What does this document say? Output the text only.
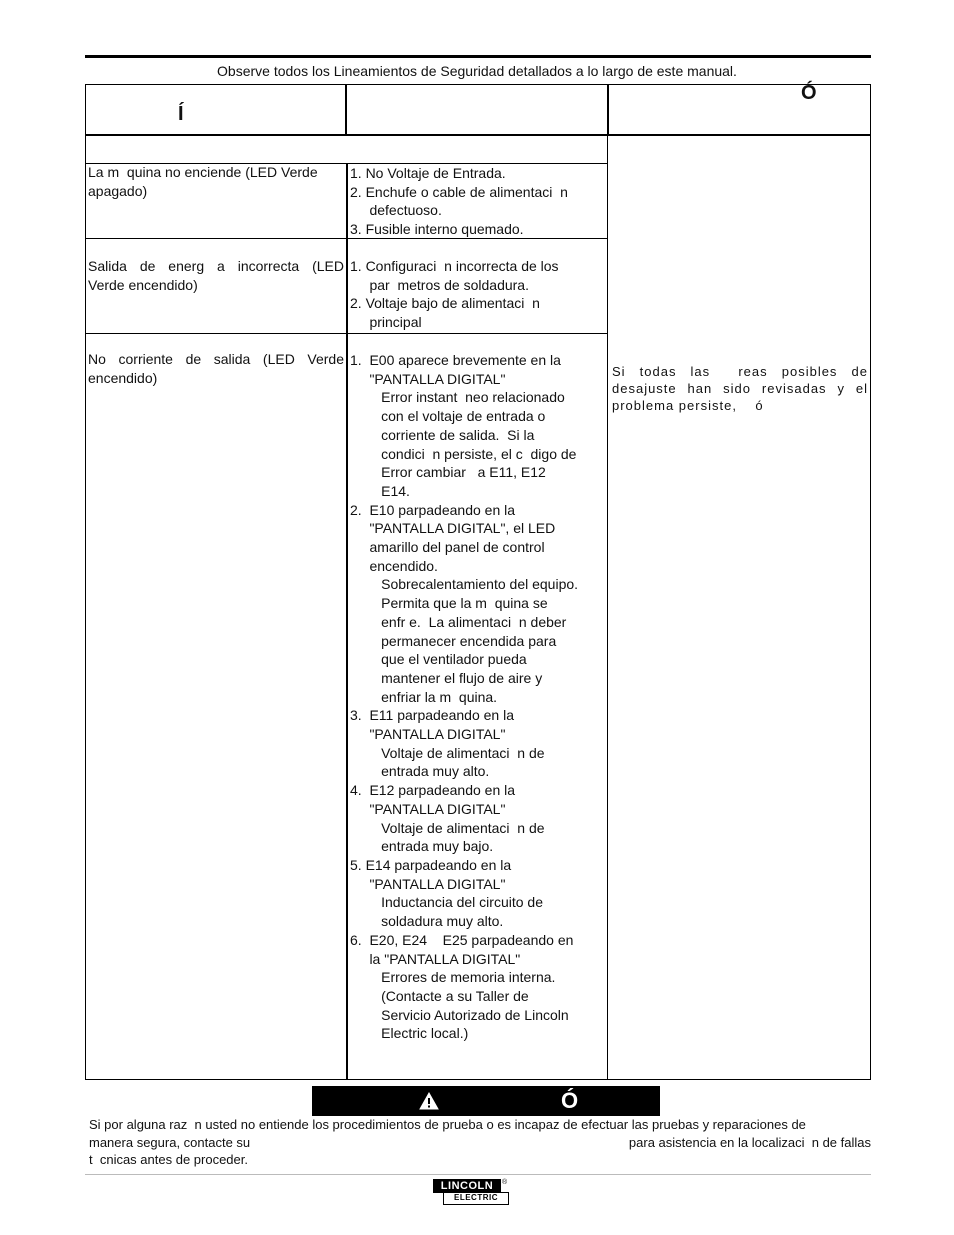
Observe todos los Lineamientos de Seguridad detallados a lo largo de este manual.
Í
Ó
La m  quina no enciende (LED Verde
apagado)
1. No Voltaje de Entrada.
2. Enchufe o cable de alimentaci  n
defectuoso.
3. Fusible interno quemado.
Salida de energ a incorrecta (LED
Verde encendido)
1. Configuraci  n incorrecta de los
par  metros de soldadura.
2. Voltaje bajo de alimentaci  n
principal
No corriente de salida (LED Verde
encendido)
1.  E00 aparece brevemente en la
"PANTALLA DIGITAL"
Error instant  neo relacionado
con el voltaje de entrada o
corriente de salida.  Si la
condici  n persiste, el c  digo de
Error cambiar   a E11, E12
E14.
2.  E10 parpadeando en la
"PANTALLA DIGITAL", el LED
amarillo del panel de control
encendido.
Sobrecalentamiento del equipo.
Permita que la m  quina se
enfr e.  La alimentaci  n deber
permanecer encendida para
que el ventilador pueda
mantener el flujo de aire y
enfriar la m  quina.
3.  E11 parpadeando en la
"PANTALLA DIGITAL"
Voltaje de alimentaci  n de
entrada muy alto.
4.  E12 parpadeando en la
"PANTALLA DIGITAL"
Voltaje de alimentaci  n de
entrada muy bajo.
5. E14 parpadeando en la
"PANTALLA DIGITAL"
Inductancia del circuito de
soldadura muy alto.
6.  E20, E24    E25 parpadeando en
la "PANTALLA DIGITAL"
Errores de memoria interna.
(Contacte a su Taller de
Servicio Autorizado de Lincoln
Electric local.)
Si  todas  las    reas  posibles  de
desajuste han sido revisadas y el
problema persiste,    ó
Ó
Si por alguna raz  n usted no entiende los procedimientos de prueba o es incapaz de efectuar las pruebas y reparaciones de
manera segura, contacte su	para asistencia en la localizaci  n de fallas
t  cnicas antes de proceder.
LINCOLN	®
ELECTRIC
